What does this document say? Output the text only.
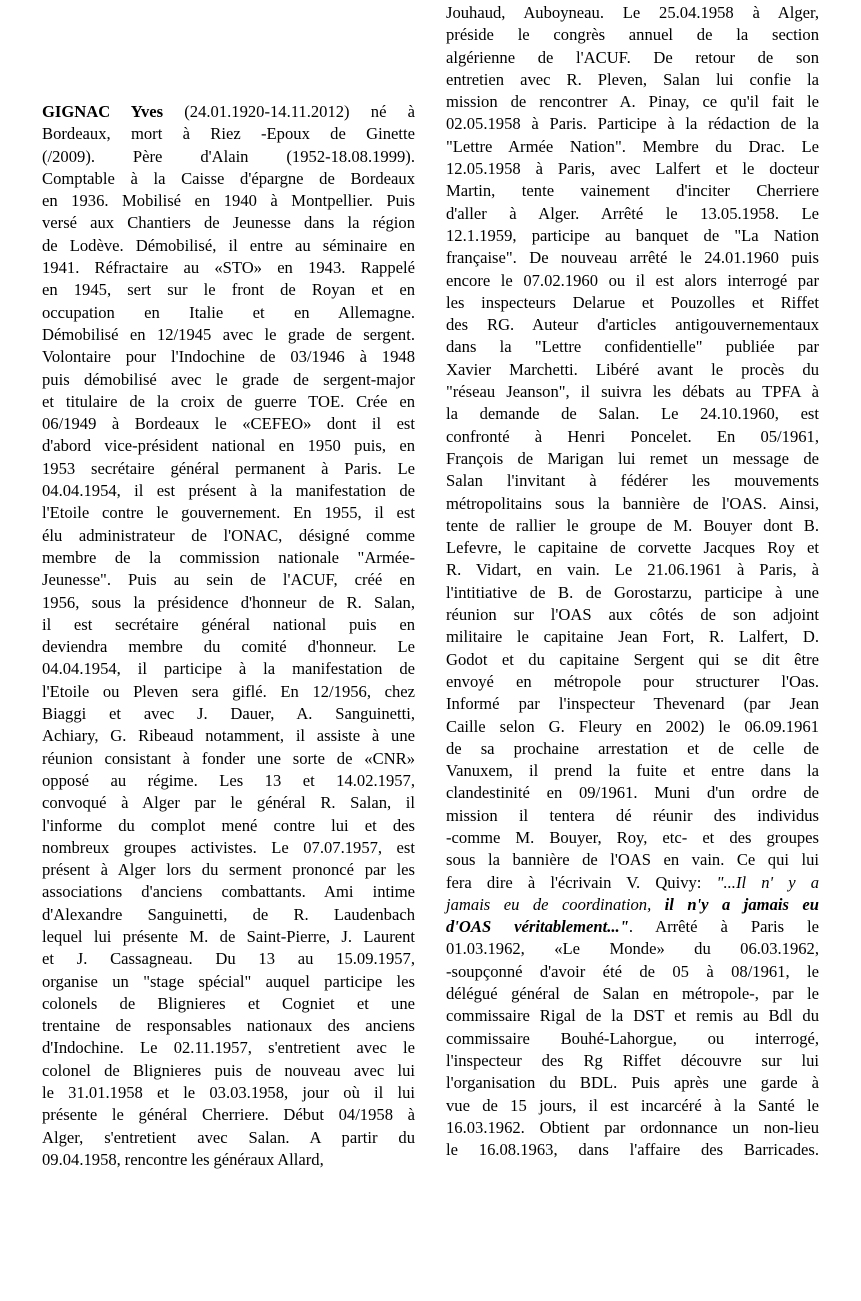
GIGNAC Yves (24.01.1920-14.11.2012) né à
Bordeaux, mort à Riez -Epoux de Ginette
(/2009). Père d'Alain (1952-18.08.1999).
Comptable à la Caisse d'épargne de Bordeaux
en 1936. Mobilisé en 1940 à Montpellier. Puis
versé aux Chantiers de Jeunesse dans la région
de Lodève. Démobilisé, il entre au séminaire en
1941. Réfractaire au «STO» en 1943. Rappelé
en 1945, sert sur le front de Royan et en
occupation en Italie et en Allemagne.
Démobilisé en 12/1945 avec le grade de sergent.
Volontaire pour l'Indochine de 03/1946 à 1948
puis démobilisé avec le grade de sergent-major
et titulaire de la croix de guerre TOE. Crée en
06/1949 à Bordeaux le «CEFEO» dont il est
d'abord vice-président national en 1950 puis, en
1953 secrétaire général permanent à Paris. Le
04.04.1954, il est présent à la manifestation de
l'Etoile contre le gouvernement. En 1955, il est
élu administrateur de l'ONAC, désigné comme
membre de la commission nationale "Armée-
Jeunesse". Puis au sein de l'ACUF, créé en
1956, sous la présidence d'honneur de R. Salan,
il est secrétaire général national puis en
deviendra membre du comité d'honneur. Le
04.04.1954, il participe à la manifestation de
l'Etoile ou Pleven sera giflé. En 12/1956, chez
Biaggi et avec J. Dauer, A. Sanguinetti,
Achiary, G. Ribeaud notamment, il assiste à une
réunion consistant à fonder une sorte de «CNR»
opposé au régime. Les 13 et 14.02.1957,
convoqué à Alger par le général R. Salan, il
l'informe du complot mené contre lui et des
nombreux groupes activistes. Le 07.07.1957, est
présent à Alger lors du serment prononcé par les
associations d'anciens combattants. Ami intime
d'Alexandre Sanguinetti, de R. Laudenbach
lequel lui présente M. de Saint-Pierre, J. Laurent
et J. Cassagneau. Du 13 au 15.09.1957,
organise un "stage spécial" auquel participe les
colonels de Blignieres et Cogniet et une
trentaine de responsables nationaux des anciens
d'Indochine. Le 02.11.1957, s'entretient avec le
colonel de Blignieres puis de nouveau avec lui
le 31.01.1958 et le 03.03.1958, jour où il lui
présente le général Cherriere. Début 04/1958 à
Alger, s'entretient avec Salan. A partir du
09.04.1958, rencontre les généraux Allard,
Jouhaud, Auboyneau. Le 25.04.1958 à Alger,
préside le congrès annuel de la section
algérienne de l'ACUF. De retour de son
entretien avec R. Pleven, Salan lui confie la
mission de rencontrer A. Pinay, ce qu'il fait le
02.05.1958 à Paris. Participe à la rédaction de la
"Lettre Armée Nation". Membre du Drac. Le
12.05.1958 à Paris, avec Lalfert et le docteur
Martin, tente vainement d'inciter Cherriere
d'aller à Alger. Arrêté le 13.05.1958. Le
12.1.1959, participe au banquet de "La Nation
française". De nouveau arrêté le 24.01.1960 puis
encore le 07.02.1960 ou il est alors interrogé par
les inspecteurs Delarue et Pouzolles et Riffet
des RG. Auteur d'articles antigouvernementaux
dans la "Lettre confidentielle" publiée par
Xavier Marchetti. Libéré avant le procès du
"réseau Jeanson", il suivra les débats au TPFA à
la demande de Salan. Le 24.10.1960, est
confronté à Henri Poncelet. En 05/1961,
François de Marigan lui remet un message de
Salan l'invitant à fédérer les mouvements
métropolitains sous la bannière de l'OAS. Ainsi,
tente de rallier le groupe de M. Bouyer dont B.
Lefevre, le capitaine de corvette Jacques Roy et
R. Vidart, en vain. Le 21.06.1961 à Paris, à
l'intitiative de B. de Gorostarzu, participe à une
réunion sur l'OAS aux côtés de son adjoint
militaire le capitaine Jean Fort, R. Lalfert, D.
Godot et du capitaine Sergent qui se dit être
envoyé en métropole pour structurer l'Oas.
Informé par l'inspecteur Thevenard (par Jean
Caille selon G. Fleury en 2002) le 06.09.1961
de sa prochaine arrestation et de celle de
Vanuxem, il prend la fuite et entre dans la
clandestinité en 09/1961. Muni d'un ordre de
mission il tentera dé réunir des individus
-comme M. Bouyer, Roy, etc- et des groupes
sous la bannière de l'OAS en vain. Ce qui lui
fera dire à l'écrivain V. Quivy: "...Il n' y a
jamais eu de coordination, il n'y a jamais eu
d'OAS véritablement...". Arrêté à Paris le
01.03.1962, «Le Monde» du 06.03.1962,
-soupçonné d'avoir été de 05 à 08/1961, le
délégué général de Salan en métropole-, par le
commissaire Rigal de la DST et remis au Bdl du
commissaire Bouhé-Lahorgue, ou interrogé,
l'inspecteur des Rg Riffet découvre sur lui
l'organisation du BDL. Puis après une garde à
vue de 15 jours, il est incarcéré à la Santé le
16.03.1962. Obtient par ordonnance un non-lieu
le 16.08.1963, dans l'affaire des Barricades.
